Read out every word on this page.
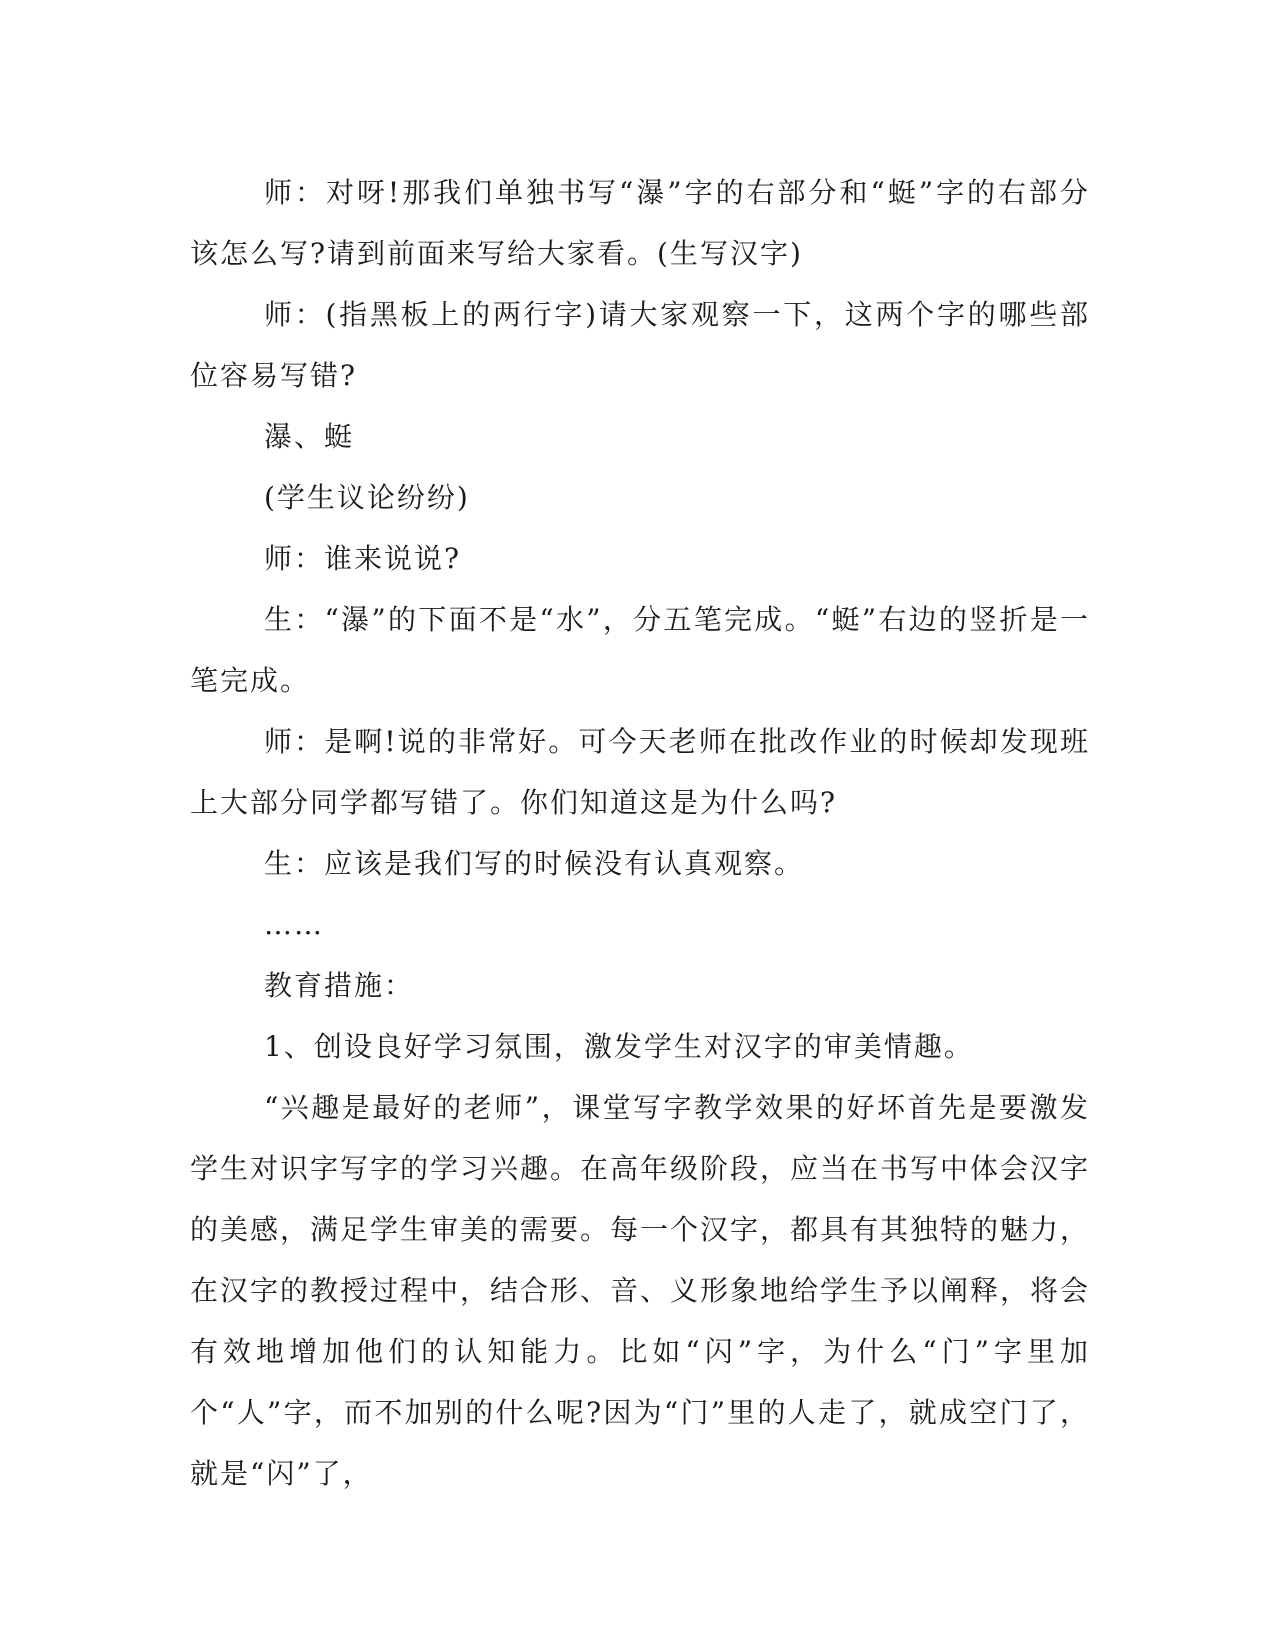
师：对呀!那我们单独书写“瀑”字的右部分和“蜓”字的右部分该怎么写?请到前面来写给大家看。(生写汉字)

师：(指黑板上的两行字)请大家观察一下，这两个字的哪些部位容易写错?

瀑、蜓

(学生议论纷纷)

师：谁来说说?

生：“瀑”的下面不是“水”，分五笔完成。“蜓”右边的竖折是一笔完成。

师：是啊!说的非常好。可今天老师在批改作业的时候却发现班上大部分同学都写错了。你们知道这是为什么吗?

生：应该是我们写的时候没有认真观察。

……

教育措施：

1、创设良好学习氛围，激发学生对汉字的审美情趣。

“兴趣是最好的老师”，课堂写字教学效果的好坏首先是要激发学生对识字写字的学习兴趣。在高年级阶段，应当在书写中体会汉字的美感，满足学生审美的需要。每一个汉字，都具有其独特的魅力，在汉字的教授过程中，结合形、音、义形象地给学生予以阐释，将会有效地增加他们的认知能力。比如“闪”字，为什么“门”字里加个“人”字，而不加别的什么呢?因为“门”里的人走了，就成空门了，就是“闪”了，
